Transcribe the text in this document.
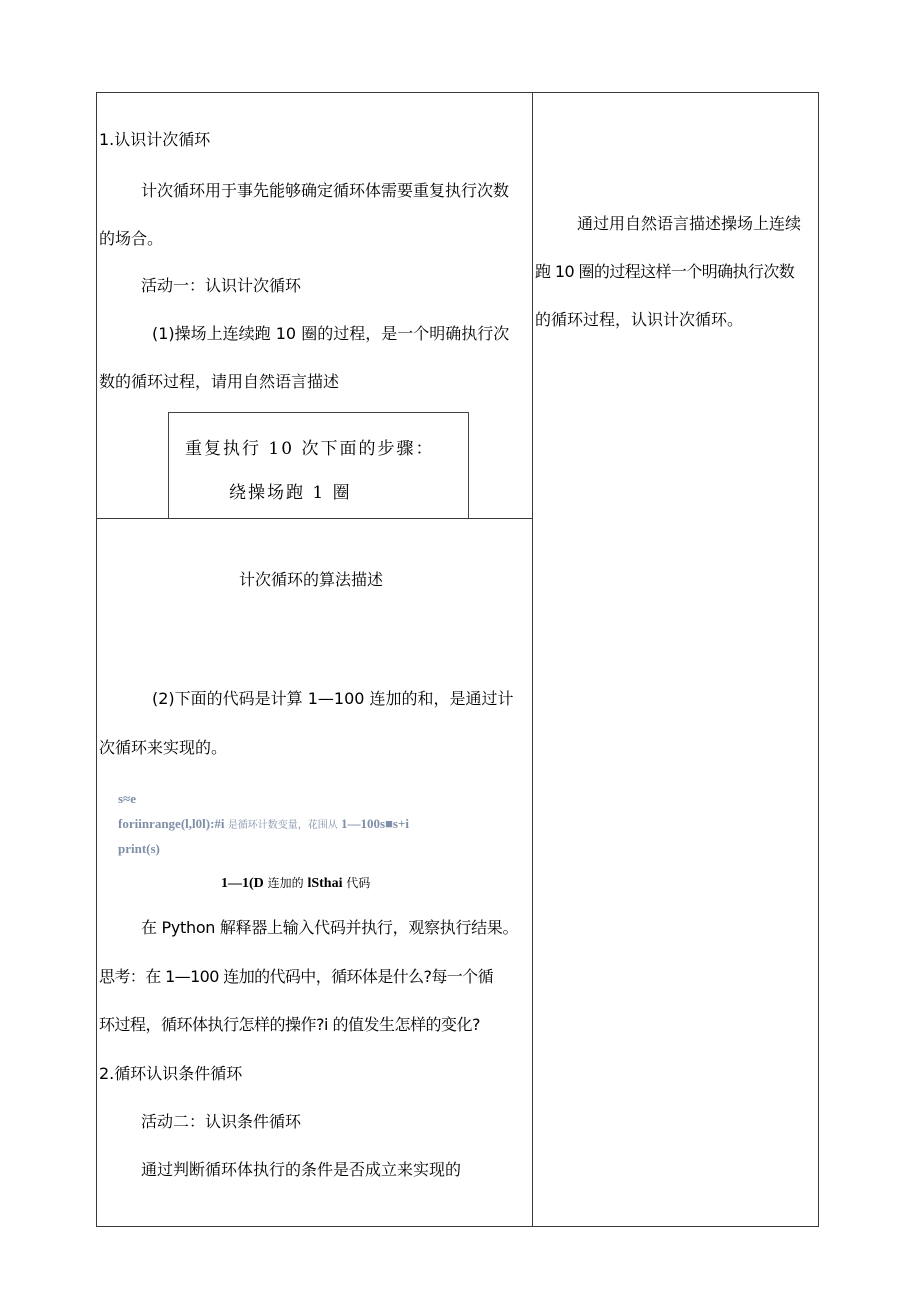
1.认识计次循环
计次循环用于事先能够确定循环体需要重复执行次数
的场合。
活动一：认识计次循环
(1)操场上连续跑 10 圈的过程，是一个明确执行次
数的循环过程，请用自然语言描述
重复执行 10 次下面的步骤：
绕操场跑 1 圈
计次循环的算法描述
(2)下面的代码是计算 1—100 连加的和，是通过计
次循环来实现的。
s≈e
foriinrange(l,l0l):#i 是循环计数变量，花围从 1—100s■s+i
print(s)
1—1(D 连加的 lSthai 代码
在 Python 解释器上输入代码并执行，观察执行结果。
思考：在 1—100 连加的代码中，循环体是什么?每一个循
环过程，循环体执行怎样的操作?i 的值发生怎样的变化?
2.循环认识条件循环
活动二：认识条件循环
通过判断循环体执行的条件是否成立来实现的
通过用自然语言描述操场上连续
跑 10 圈的过程这样一个明确执行次数
的循环过程，认识计次循环。
